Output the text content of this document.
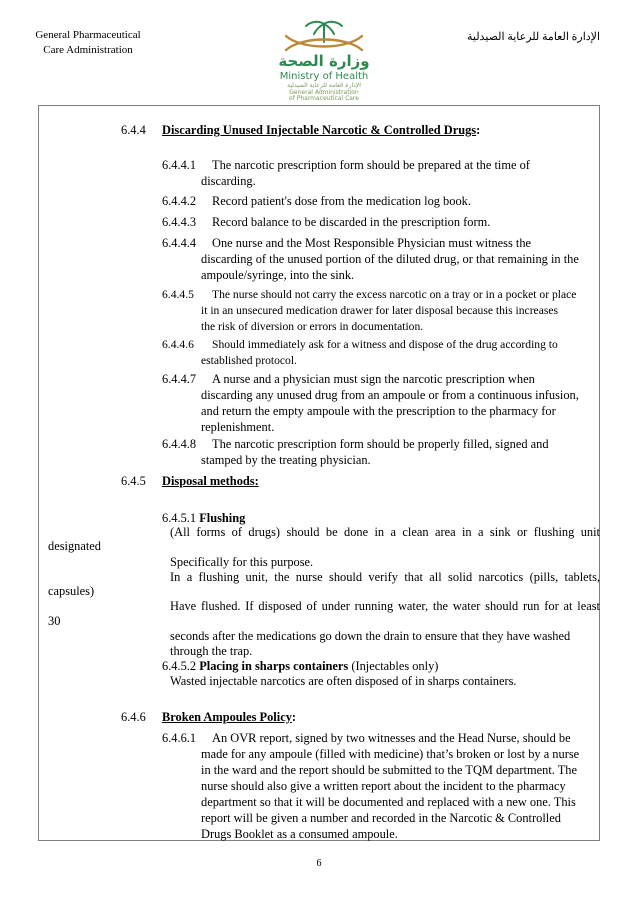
General Pharmaceutical
Care Administration
الإدارة العامة للرعاية الصيدلية
وزارة الصحة
Ministry of Health
الإدارة العامة للرعاية الصيدلية
General Administration
of Pharmaceutical Care
6.4.4 Discarding Unused Injectable Narcotic & Controlled Drugs:
6.4.4.1 The narcotic prescription form should be prepared at the time of
discarding.
6.4.4.2 Record patient's dose from the medication log book.
6.4.4.3 Record balance to be discarded in the prescription form.
6.4.4.4 One nurse and the Most Responsible Physician must witness the
discarding of the unused portion of the diluted drug, or that remaining in the
ampoule/syringe, into the sink.
6.4.4.5 The nurse should not carry the excess narcotic on a tray or in a pocket or place
it in an unsecured medication drawer for later disposal because this increases
the risk of diversion or errors in documentation.
6.4.4.6 Should immediately ask for a witness and dispose of the drug according to
established protocol.
6.4.4.7 A nurse and a physician must sign the narcotic prescription when
discarding any unused drug from an ampoule or from a continuous infusion,
and return the empty ampoule with the prescription to the pharmacy for
replenishment.
6.4.4.8 The narcotic prescription form should be properly filled, signed and
stamped by the treating physician.
6.4.5 Disposal methods:
6.4.5.1 Flushing
(All forms of drugs) should be done in a clean area in a sink or flushing unit
designated
Specifically for this purpose.
In a flushing unit, the nurse should verify that all solid narcotics (pills, tablets,
capsules)
Have flushed. If disposed of under running water, the water should run for at least
30
seconds after the medications go down the drain to ensure that they have washed
through the trap.
6.4.5.2 Placing in sharps containers (Injectables only)
Wasted injectable narcotics are often disposed of in sharps containers.
6.4.6 Broken Ampoules Policy:
6.4.6.1 An OVR report, signed by two witnesses and the Head Nurse, should be
made for any ampoule (filled with medicine) that’s broken or lost by a nurse
in the ward and the report should be submitted to the TQM department. The
nurse should also give a written report about the incident to the pharmacy
department so that it will be documented and replaced with a new one. This
report will be given a number and recorded in the Narcotic & Controlled
Drugs Booklet as a consumed ampoule.
6
